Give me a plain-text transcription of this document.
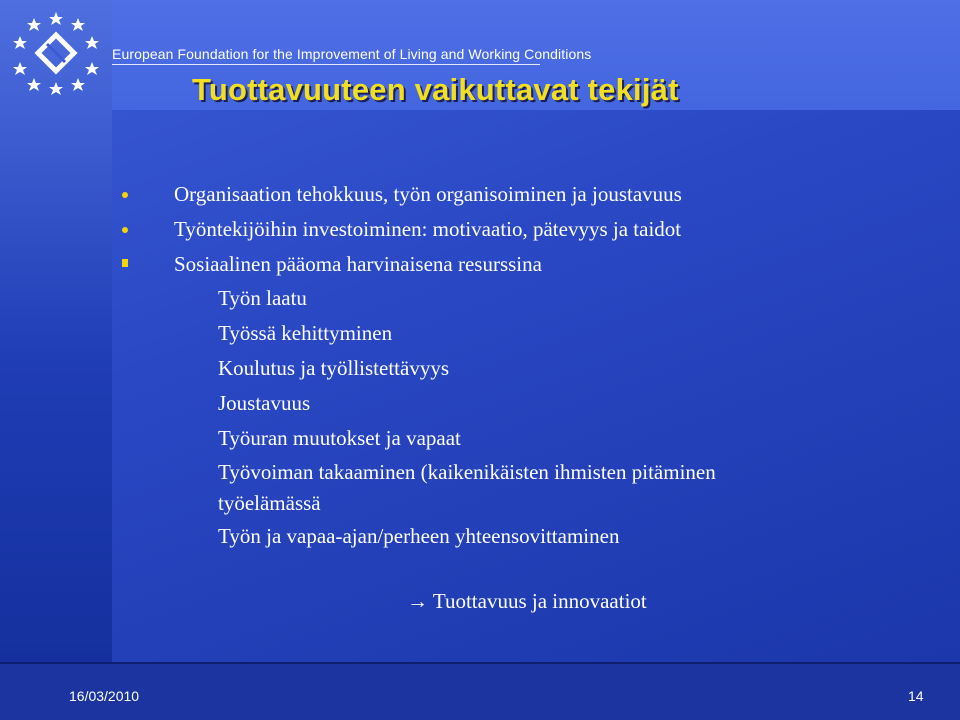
European Foundation for the Improvement of Living and Working Conditions
Tuottavuuteen vaikuttavat tekijät
Organisaation tehokkuus, työn organisoiminen ja joustavuus
Työntekijöihin investoiminen: motivaatio, pätevyys ja taidot
Sosiaalinen pääoma harvinaisena resurssina
Työn laatu
Työssä kehittyminen
Koulutus ja työllistettävyys
Joustavuus
Työuran muutokset ja vapaat
Työvoiman takaaminen (kaikenikäisten ihmisten pitäminen
työelämässä
Työn ja vapaa-ajan/perheen yhteensovittaminen
→ Tuottavuus ja innovaatiot
16/03/2010	14
